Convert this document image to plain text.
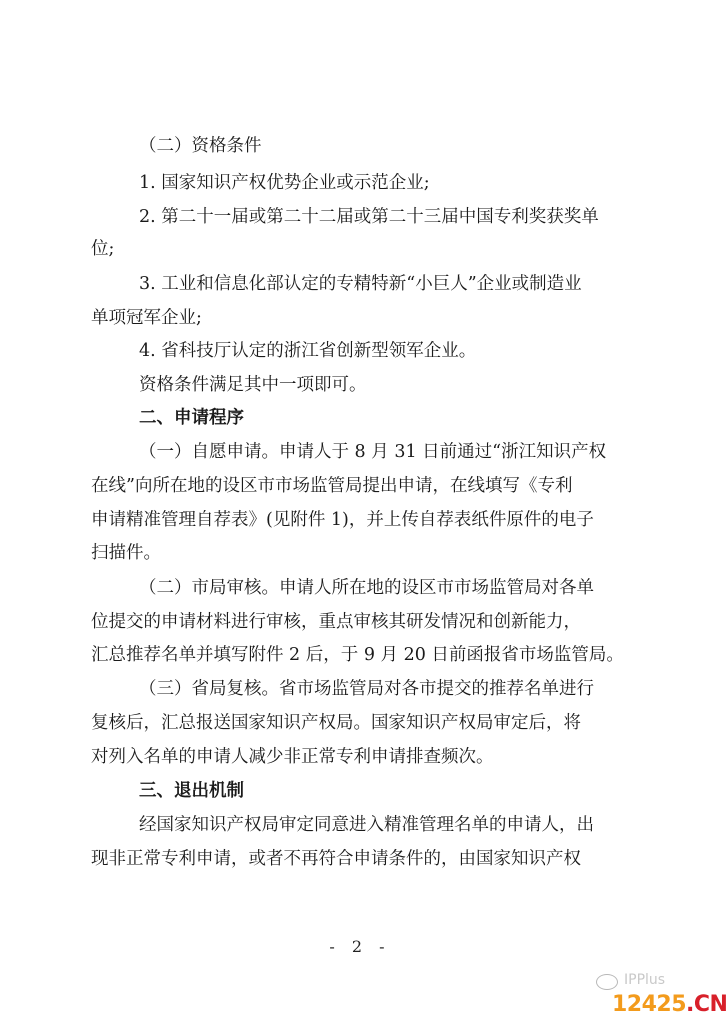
（二）资格条件
1. 国家知识产权优势企业或示范企业;
2. 第二十一届或第二十二届或第二十三届中国专利奖获奖单
位;
3. 工业和信息化部认定的专精特新“小巨人”企业或制造业
单项冠军企业;
4. 省科技厅认定的浙江省创新型领军企业。
资格条件满足其中一项即可。
二、申请程序
（一）自愿申请。申请人于 8 月 31 日前通过“浙江知识产权
在线”向所在地的设区市市场监管局提出申请，在线填写《专利
申请精准管理自荐表》(见附件 1)，并上传自荐表纸件原件的电子
扫描件。
（二）市局审核。申请人所在地的设区市市场监管局对各单
位提交的申请材料进行审核，重点审核其研发情况和创新能力，
汇总推荐名单并填写附件 2 后，于 9 月 20 日前函报省市场监管局。
（三）省局复核。省市场监管局对各市提交的推荐名单进行
复核后，汇总报送国家知识产权局。国家知识产权局审定后，将
对列入名单的申请人减少非正常专利申请排查频次。
三、退出机制
经国家知识产权局审定同意进入精准管理名单的申请人，出
现非正常专利申请，或者不再符合申请条件的，由国家知识产权
- 2 -
IPPlus
12425.CN
